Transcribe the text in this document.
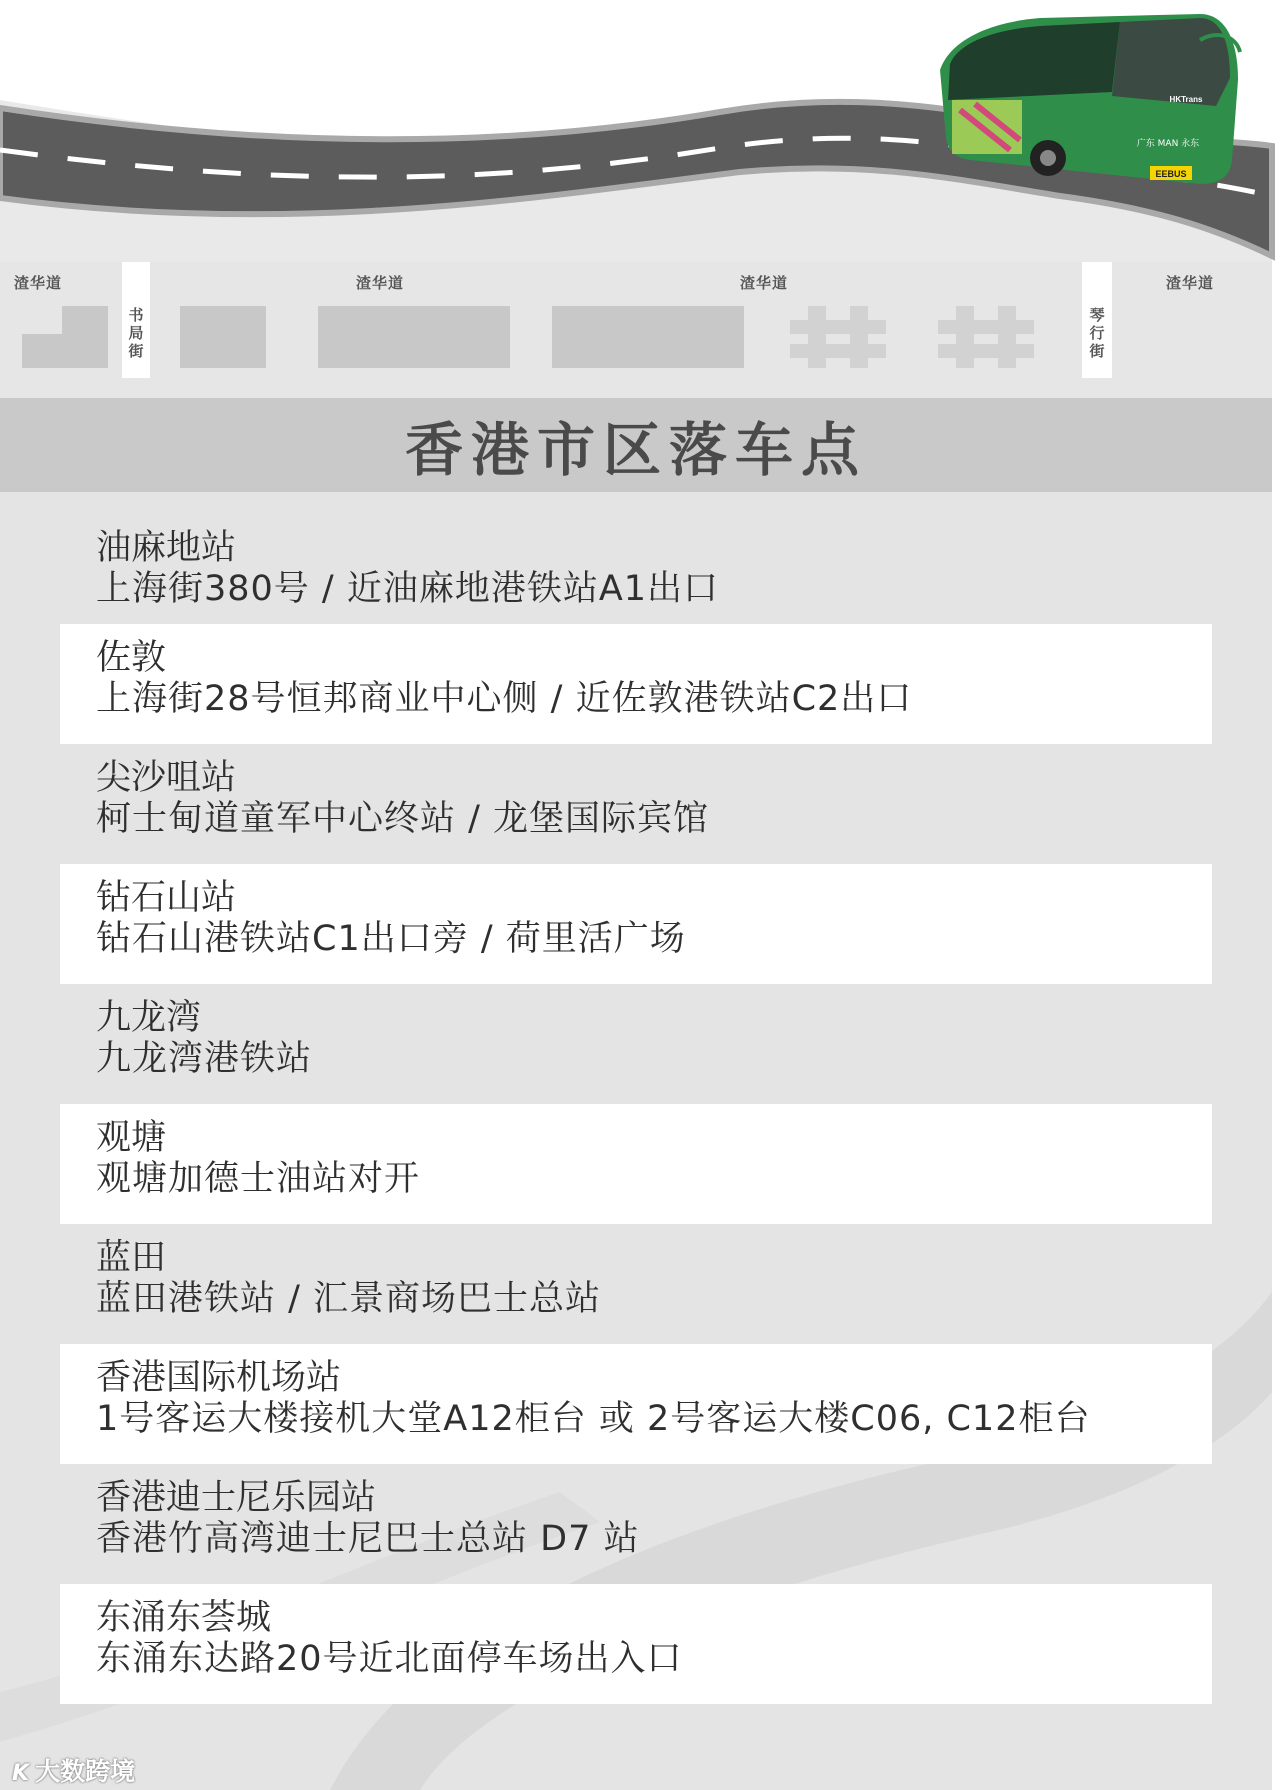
EEBUS
HKTrans
广东 MAN 永东
渣华道	渣华道	渣华道	渣华道
书局街
琴行街
香港市区落车点
油麻地站
上海街380号 / 近油麻地港铁站A1出口
佐敦
上海街28号恒邦商业中心侧 / 近佐敦港铁站C2出口
尖沙咀站
柯士甸道童军中心终站 / 龙堡国际宾馆
钻石山站
钻石山港铁站C1出口旁 / 荷里活广场
九龙湾
九龙湾港铁站
观塘
观塘加德士油站对开
蓝田
蓝田港铁站 / 汇景商场巴士总站
香港国际机场站
1号客运大楼接机大堂A12柜台 或 2号客运大楼C06, C12柜台
香港迪士尼乐园站
香港竹高湾迪士尼巴士总站 D7 站
东涌东荟城
东涌东达路20号近北面停车场出入口
K 大数跨境
